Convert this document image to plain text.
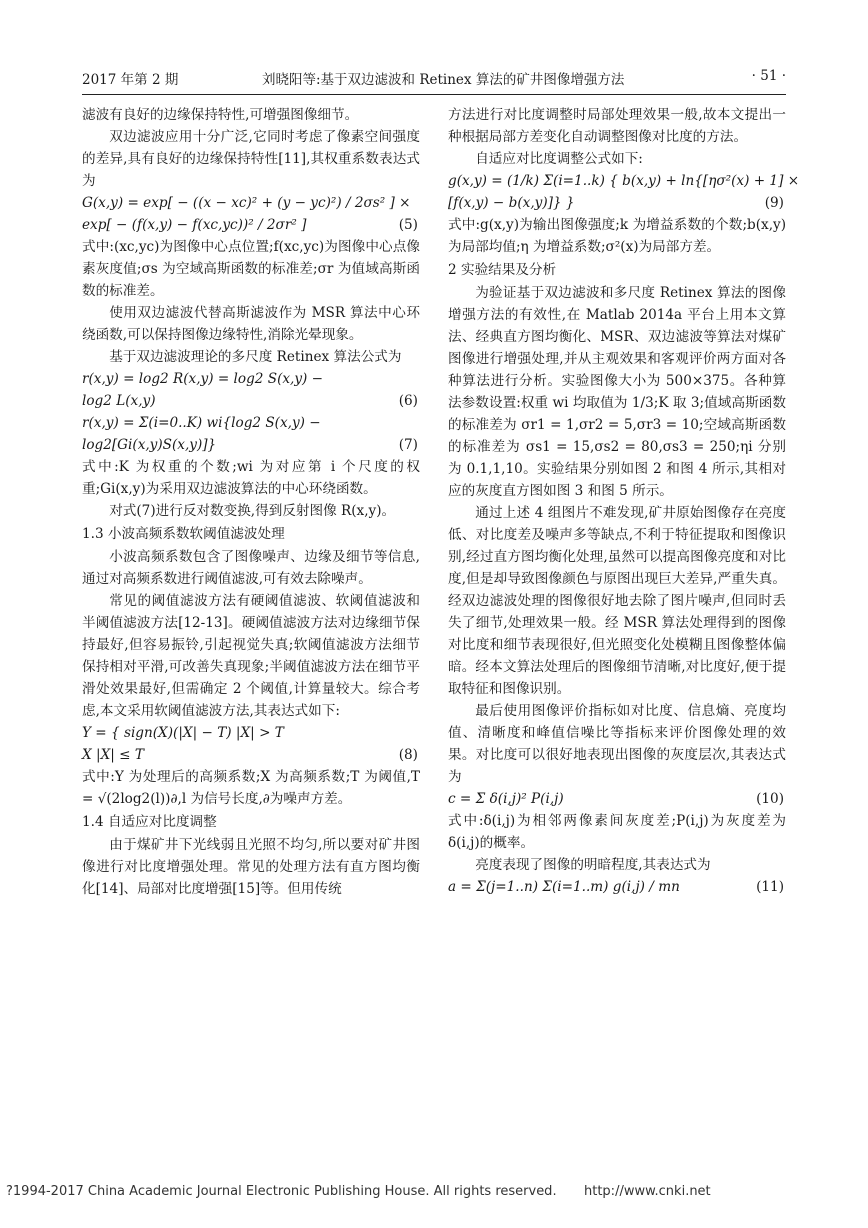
2017 年第 2 期	刘晓阳等:基于双边滤波和 Retinex 算法的矿井图像增强方法	· 51 ·

滤波有良好的边缘保持特性,可增强图像细节。

双边滤波应用十分广泛,它同时考虑了像素空间强度的差异,具有良好的边缘保持特性[11],其权重系数表达式为

G(x,y) = exp[ − ((x − xc)² + (y − yc)²) / 2σs² ] ×
exp[ − (f(x,y) − f(xc,yc))² / 2σr² ]	(5)

式中:(xc,yc)为图像中心点位置;f(xc,yc)为图像中心点像素灰度值;σs 为空域高斯函数的标准差;σr 为值域高斯函数的标准差。

使用双边滤波代替高斯滤波作为 MSR 算法中心环绕函数,可以保持图像边缘特性,消除光晕现象。

基于双边滤波理论的多尺度 Retinex 算法公式为

r(x,y) = log2 R(x,y) = log2 S(x,y) −
log2 L(x,y)	(6)
r(x,y) = Σ(i=0..K) wi{log2 S(x,y) −
log2[Gi(x,y)S(x,y)]}	(7)

式中:K 为权重的个数;wi 为对应第 i 个尺度的权重;Gi(x,y)为采用双边滤波算法的中心环绕函数。

对式(7)进行反对数变换,得到反射图像 R(x,y)。

1.3 小波高频系数软阈值滤波处理

小波高频系数包含了图像噪声、边缘及细节等信息,通过对高频系数进行阈值滤波,可有效去除噪声。

常见的阈值滤波方法有硬阈值滤波、软阈值滤波和半阈值滤波方法[12-13]。硬阈值滤波方法对边缘细节保持最好,但容易振铃,引起视觉失真;软阈值滤波方法细节保持相对平滑,可改善失真现象;半阈值滤波方法在细节平滑处效果最好,但需确定 2 个阈值,计算量较大。综合考虑,本文采用软阈值滤波方法,其表达式如下:

Y = { sign(X)(|X| − T) |X| > T
X |X| ≤ T	(8)

式中:Y 为处理后的高频系数;X 为高频系数;T 为阈值,T = √(2log2(l))∂,l 为信号长度,∂为噪声方差。

1.4 自适应对比度调整

由于煤矿井下光线弱且光照不均匀,所以要对矿井图像进行对比度增强处理。常见的处理方法有直方图均衡化[14]、局部对比度增强[15]等。但用传统

方法进行对比度调整时局部处理效果一般,故本文提出一种根据局部方差变化自动调整图像对比度的方法。

自适应对比度调整公式如下:

g(x,y) = (1/k) Σ(i=1..k) { b(x,y) + ln{[ησ²(x) + 1] ×
[f(x,y) − b(x,y)]} }	(9)

式中:g(x,y)为输出图像强度;k 为增益系数的个数;b(x,y)为局部均值;η 为增益系数;σ²(x)为局部方差。

2 实验结果及分析

为验证基于双边滤波和多尺度 Retinex 算法的图像增强方法的有效性,在 Matlab 2014a 平台上用本文算法、经典直方图均衡化、MSR、双边滤波等算法对煤矿图像进行增强处理,并从主观效果和客观评价两方面对各种算法进行分析。实验图像大小为 500×375。各种算法参数设置:权重 wi 均取值为 1/3;K 取 3;值域高斯函数的标准差为 σr1 = 1,σr2 = 5,σr3 = 10;空域高斯函数的标准差为 σs1 = 15,σs2 = 80,σs3 = 250;ηi 分别为 0.1,1,10。实验结果分别如图 2 和图 4 所示,其相对应的灰度直方图如图 3 和图 5 所示。

通过上述 4 组图片不难发现,矿井原始图像存在亮度低、对比度差及噪声多等缺点,不利于特征提取和图像识别,经过直方图均衡化处理,虽然可以提高图像亮度和对比度,但是却导致图像颜色与原图出现巨大差异,严重失真。经双边滤波处理的图像很好地去除了图片噪声,但同时丢失了细节,处理效果一般。经 MSR 算法处理得到的图像对比度和细节表现很好,但光照变化处模糊且图像整体偏暗。经本文算法处理后的图像细节清晰,对比度好,便于提取特征和图像识别。

最后使用图像评价指标如对比度、信息熵、亮度均值、清晰度和峰值信噪比等指标来评价图像处理的效果。对比度可以很好地表现出图像的灰度层次,其表达式为

c = Σ δ(i,j)² P(i,j)	(10)

式中:δ(i,j)为相邻两像素间灰度差;P(i,j)为灰度差为 δ(i,j)的概率。

亮度表现了图像的明暗程度,其表达式为

a = Σ(j=1..n) Σ(i=1..m) g(i,j) / mn	(11)
?1994-2017 China Academic Journal Electronic Publishing House. All rights reserved. http://www.cnki.net
